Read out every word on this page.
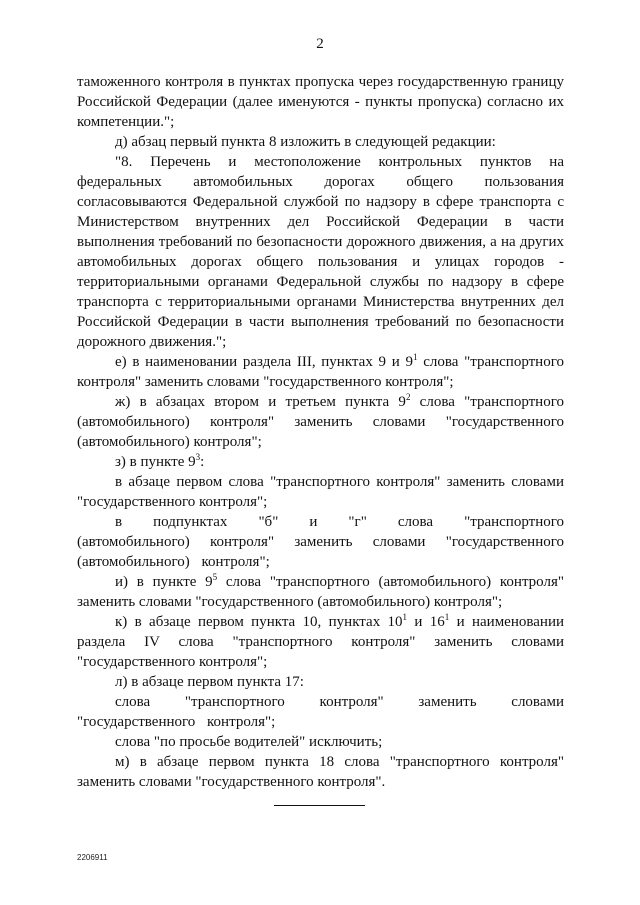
2

таможенного контроля в пунктах пропуска через государственную границу Российской Федерации (далее именуются - пункты пропуска) согласно их компетенции.";

д) абзац первый пункта 8 изложить в следующей редакции:

"8. Перечень и местоположение контрольных пунктов на федеральных автомобильных дорогах общего пользования согласовываются Федеральной службой по надзору в сфере транспорта с Министерством внутренних дел Российской Федерации в части выполнения требований по безопасности дорожного движения, а на других автомобильных дорогах общего пользования и улицах городов - территориальными органами Федеральной службы по надзору в сфере транспорта с территориальными органами Министерства внутренних дел Российской Федерации в части выполнения требований по безопасности дорожного движения.";

е) в наименовании раздела III, пунктах 9 и $9^1$ слова "транспортного контроля" заменить словами "государственного контроля";

ж) в абзацах втором и третьем пункта $9^2$ слова "транспортного (автомобильного) контроля" заменить словами "государственного (автомобильного) контроля";

з) в пункте $9^3$:

в абзаце первом слова "транспортного контроля" заменить словами "государственного контроля";

в подпунктах "б" и "г" слова "транспортного (автомобильного) контроля" заменить словами "государственного (автомобильного) контроля";

и) в пункте $9^5$ слова "транспортного (автомобильного) контроля" заменить словами "государственного (автомобильного) контроля";

к) в абзаце первом пункта 10, пунктах $10^1$ и $16^1$ и наименовании раздела IV слова "транспортного контроля" заменить словами "государственного контроля";

л) в абзаце первом пункта 17:

слова "транспортного контроля" заменить словами "государственного контроля";

слова "по просьбе водителей" исключить;

м) в абзаце первом пункта 18 слова "транспортного контроля" заменить словами "государственного контроля".

2206911
